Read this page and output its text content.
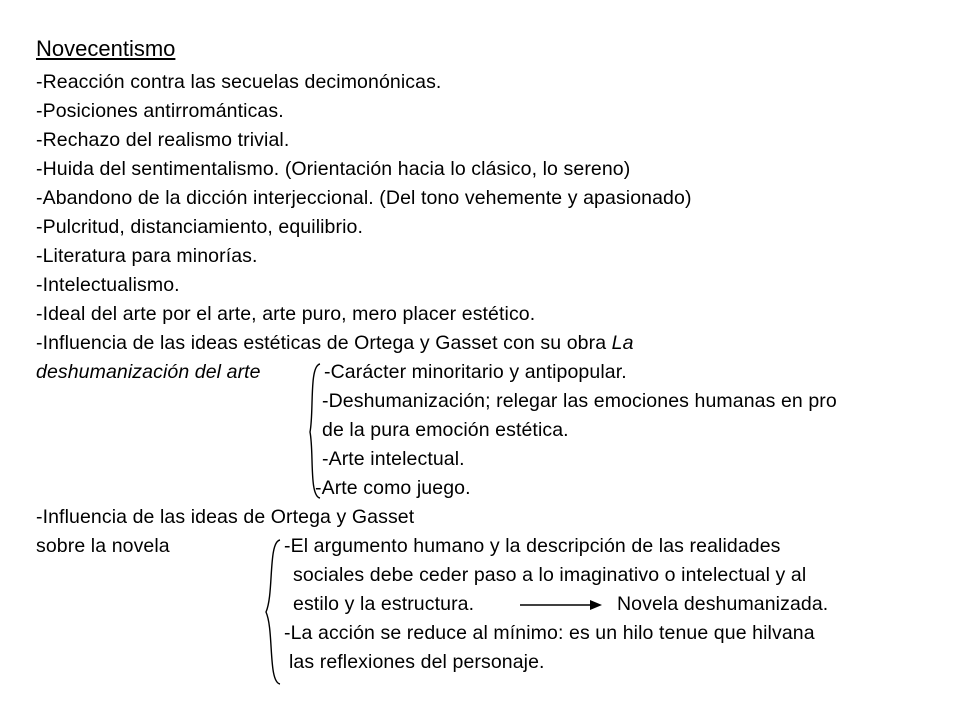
Novecentismo
-Reacción contra las secuelas decimonónicas.
-Posiciones antirrománticas.
-Rechazo del realismo trivial.
-Huida del sentimentalismo. (Orientación hacia lo clásico, lo sereno)
-Abandono de la dicción interjeccional. (Del tono vehemente y apasionado)
-Pulcritud, distanciamiento, equilibrio.
-Literatura para minorías.
-Intelectualismo.
-Ideal del arte por el arte, arte puro, mero placer estético.
-Influencia de las ideas estéticas de Ortega y Gasset con su obra La
deshumanización del arte	-Carácter minoritario y antipopular.
-Deshumanización; relegar las emociones humanas en pro
de la pura emoción estética.
-Arte intelectual.
-Arte como juego.
-Influencia de las ideas de Ortega y Gasset
sobre la novela	-El argumento humano y la descripción de las realidades
sociales debe ceder paso a lo imaginativo o intelectual y al
estilo y la estructura.	Novela deshumanizada.
-La acción se reduce al mínimo: es un hilo tenue que hilvana
las reflexiones del personaje.
